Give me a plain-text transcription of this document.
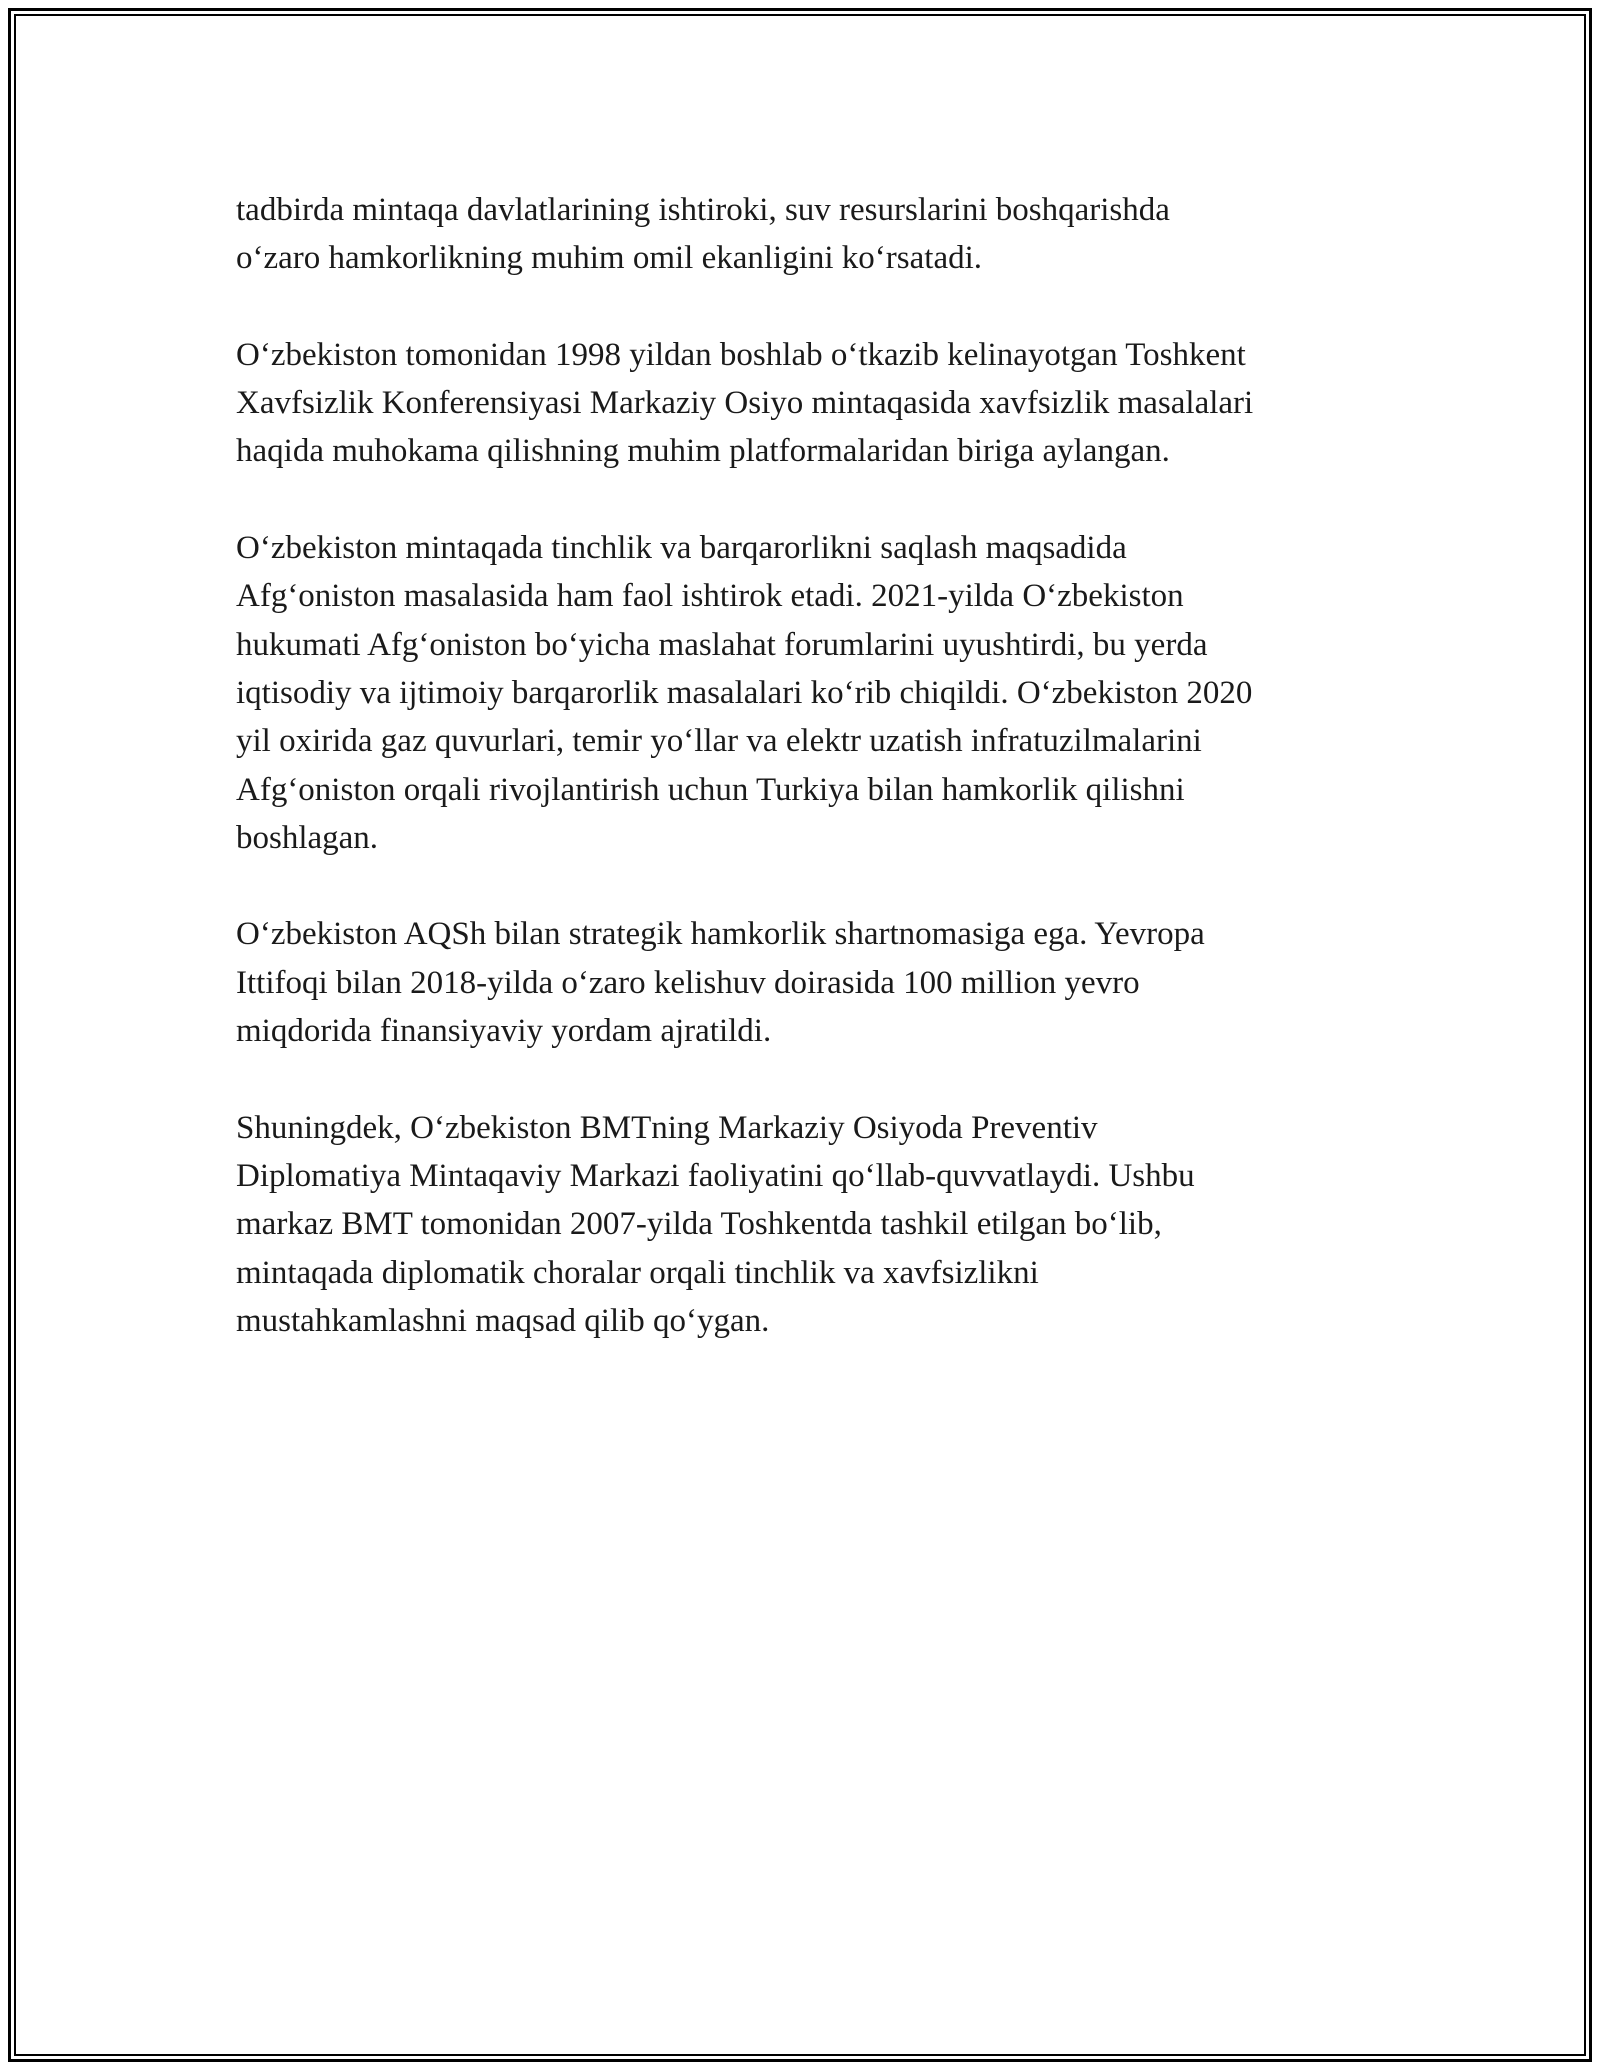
tadbirda mintaqa davlatlarining ishtiroki, suv resurslarini boshqarishda
o‘zaro hamkorlikning muhim omil ekanligini ko‘rsatadi.

O‘zbekiston tomonidan 1998 yildan boshlab o‘tkazib kelinayotgan Toshkent
Xavfsizlik Konferensiyasi Markaziy Osiyo mintaqasida xavfsizlik masalalari
haqida muhokama qilishning muhim platformalaridan biriga aylangan.

O‘zbekiston mintaqada tinchlik va barqarorlikni saqlash maqsadida
Afg‘oniston masalasida ham faol ishtirok etadi. 2021-yilda O‘zbekiston
hukumati Afg‘oniston bo‘yicha maslahat forumlarini uyushtirdi, bu yerda
iqtisodiy va ijtimoiy barqarorlik masalalari ko‘rib chiqildi. O‘zbekiston 2020
yil oxirida gaz quvurlari, temir yo‘llar va elektr uzatish infratuzilmalarini
Afg‘oniston orqali rivojlantirish uchun Turkiya bilan hamkorlik qilishni
boshlagan.

O‘zbekiston AQSh bilan strategik hamkorlik shartnomasiga ega. Yevropa
Ittifoqi bilan 2018-yilda o‘zaro kelishuv doirasida 100 million yevro
miqdorida finansiyaviy yordam ajratildi.

Shuningdek, O‘zbekiston BMTning Markaziy Osiyoda Preventiv
Diplomatiya Mintaqaviy Markazi faoliyatini qo‘llab-quvvatlaydi. Ushbu
markaz BMT tomonidan 2007-yilda Toshkentda tashkil etilgan bo‘lib,
mintaqada diplomatik choralar orqali tinchlik va xavfsizlikni
mustahkamlashni maqsad qilib qo‘ygan.
